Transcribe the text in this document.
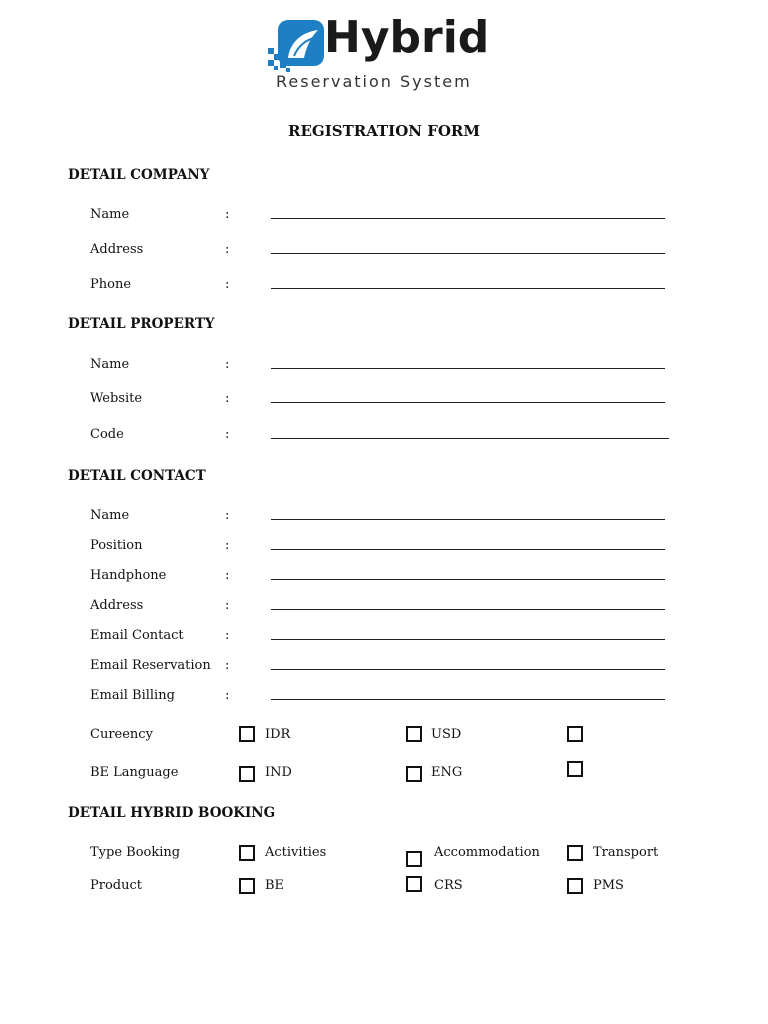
Hybrid
Reservation System
REGISTRATION FORM
DETAIL COMPANY
Name	:
Address	:
Phone	:
DETAIL PROPERTY
Name	:
Website	:
Code	:
DETAIL CONTACT
Name	:
Position	:
Handphone	:
Address	:
Email Contact	:
Email Reservation :
Email Billing	:
Cureency	IDR	USD
BE Language	IND	ENG
DETAIL HYBRID BOOKING
Type Booking	Activities	Accommodation	Transport
Product	BE	CRS	PMS
